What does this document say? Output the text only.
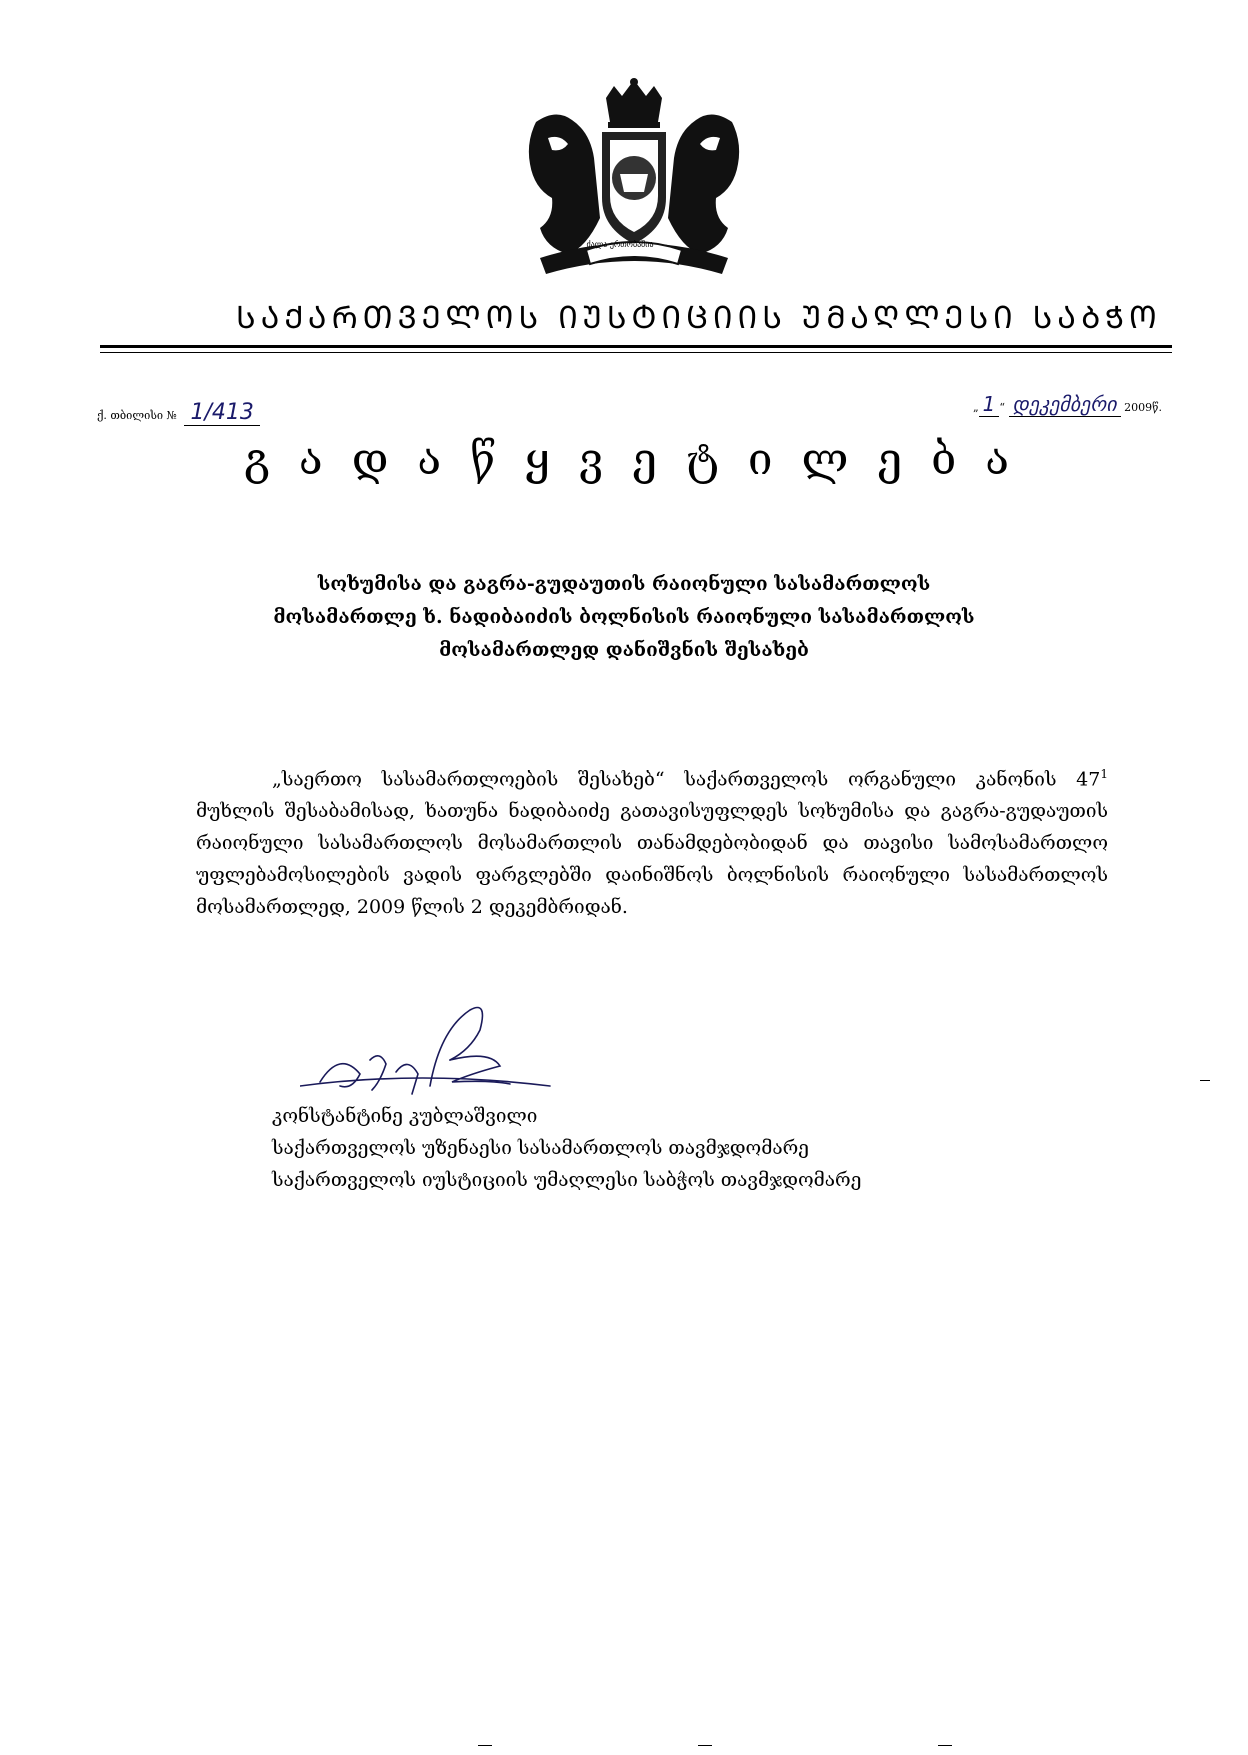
ძალა ერთობაშია
ᲡᲐᲥᲐᲠᲗᲕᲔᲚᲝᲡ ᲘᲣᲡᲢᲘᲪᲘᲘᲡ ᲣᲛᲐᲦᲚᲔᲡᲘ ᲡᲐᲑᲭᲝ
ქ. თბილისი № 1/413	„ 1 “ დეკემბერი 2009წ.
გადაწყვეტილება
სოხუმისა და გაგრა-გუდაუთის რაიონული სასამართლოს
მოსამართლე ხ. ნადიბაიძის ბოლნისის რაიონული სასამართლოს
მოსამართლედ დანიშვნის შესახებ
„საერთო სასამართლოების შესახებ“ საქართველოს ორგანული კანონის $47^1$ მუხლის შესაბამისად, ხათუნა ნადიბაიძე გათავისუფლდეს სოხუმისა და გაგრა-გუდაუთის რაიონული სასამართლოს მოსამართლის თანამდებობიდან და თავისი სამოსამართლო უფლებამოსილების ვადის ფარგლებში დაინიშნოს ბოლნისის რაიონული სასამართლოს მოსამართლედ, 2009 წლის 2 დეკემბრიდან.
კონსტანტინე კუბლაშვილი
საქართველოს უზენაესი სასამართლოს თავმჯდომარე
საქართველოს იუსტიციის უმაღლესი საბჭოს თავმჯდომარე
